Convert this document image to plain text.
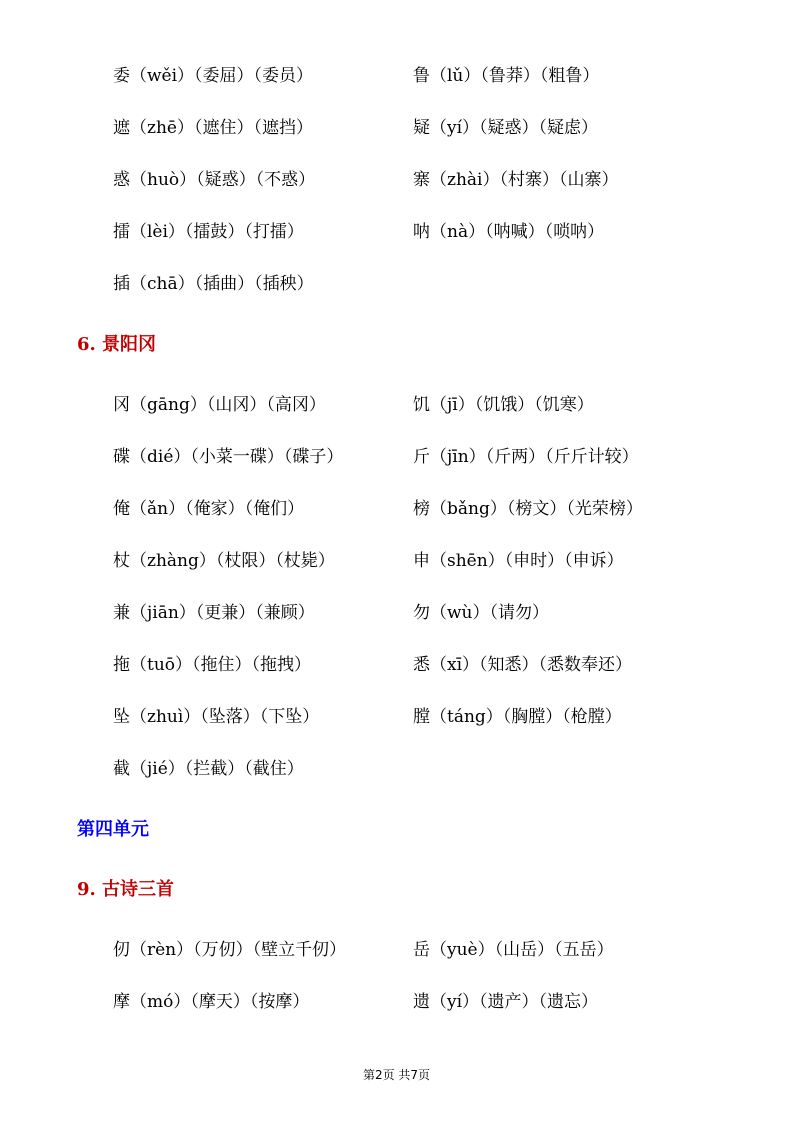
委（wěi）（委屈）（委员）	鲁（lǔ）（鲁莽）（粗鲁）
遮（zhē）（遮住）（遮挡）	疑（yí）（疑惑）（疑虑）
惑（huò）（疑惑）（不惑）	寨（zhài）（村寨）（山寨）
擂（lèi）（擂鼓）（打擂）	呐（nà）（呐喊）（唢呐）
插（chā）（插曲）（插秧）
6. 景阳冈
冈（gāng）（山冈）（高冈）	饥（jī）（饥饿）（饥寒）
碟（dié）（小菜一碟）（碟子）	斤（jīn）（斤两）（斤斤计较）
俺（ǎn）（俺家）（俺们）	榜（bǎng）（榜文）（光荣榜）
杖（zhàng）（杖限）（杖毙）	申（shēn）（申时）（申诉）
兼（jiān）（更兼）（兼顾）	勿（wù）（请勿）
拖（tuō）（拖住）（拖拽）	悉（xī）（知悉）（悉数奉还）
坠（zhuì）（坠落）（下坠）	膛（táng）（胸膛）（枪膛）
截（jié）（拦截）（截住）
第四单元
9. 古诗三首
仞（rèn）（万仞）（壁立千仞）	岳（yuè）（山岳）（五岳）
摩（mó）（摩天）（按摩）	遗（yí）（遗产）（遗忘）
第2页 共7页
